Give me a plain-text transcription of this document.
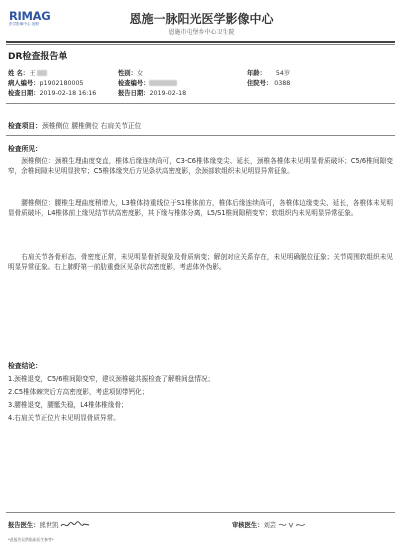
RIMAG
医学影像中心 连锁	恩施一脉阳光医学影像中心
恩施市屯堡乡中心卫生院
DR检查报告单
姓 名：王	性别：女	年龄： 54岁
病人编号：p1902180005	检查编号：	住院号： 0388
检查日期：2019-02-18 16:16	报告日期：2019-02-18
检查项目：颈椎侧位 腰椎侧位 右肩关节正位
检查所见：
颈椎侧位：颈椎生理曲度变直，椎体后缘连续尚可，C3-C6椎体缘变尖、延长，颈椎各椎体未见明显骨质破坏；C5/6椎间隙变窄，余椎间隙未见明显狭窄；C5椎体缘突后方见条状高密度影，余颈部软组织未见明显异常征象。
腰椎侧位：腰椎生理曲度稍增大，L3椎体持重线位于S1椎体前方，椎体后缘连续尚可，各椎体边缘变尖、延长，各椎体未见明显骨质破坏，L4椎体前上缘见结节状高密度影，其下缘与椎体分离，L5/S1椎间隙稍变窄；软组织内未见明显异常征象。
右肩关节各骨形态、骨密度正常，未见明显骨折现象及骨质病变；解剖对应关系存在，未见明确脱位征象；关节周围软组织未见明显异常征象。右上肺野第一前肋重叠区见条状高密度影，考虑体外伪影。
检查结论：
1.颈椎退变，C5/6椎间隙变窄，建议颈椎磁共振检查了解椎间盘情况；
2.C5椎体棘突后方高密度影，考虑项韧带钙化；
3.腰椎退变，腰骶失稳，L4椎体椎缘骨；
4.右肩关节正位片未见明显骨质异常。
报告医生：熊世凯	审核医生：刘芸
*此报告仅供临床医生参考*
